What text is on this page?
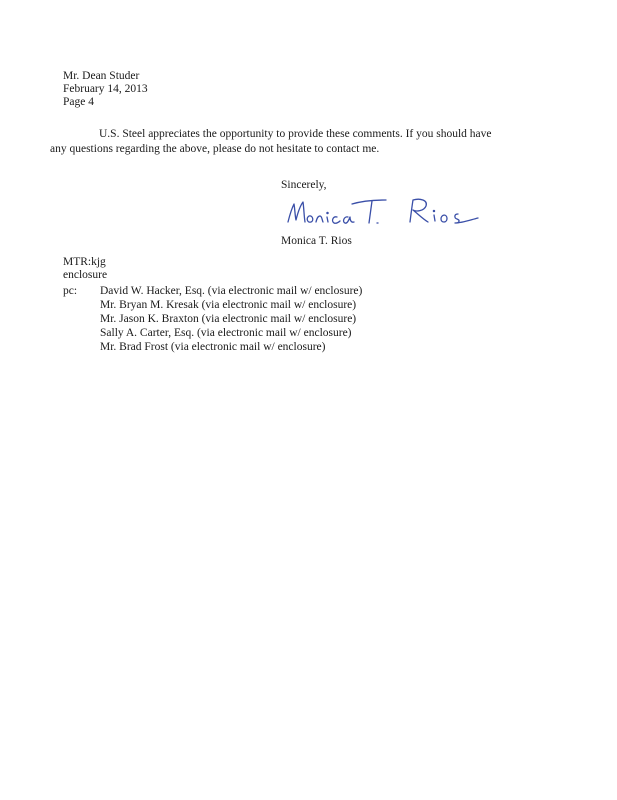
Mr. Dean Studer
February 14, 2013
Page 4
U.S. Steel appreciates the opportunity to provide these comments. If you should have
any questions regarding the above, please do not hesitate to contact me.
Sincerely,
Monica T. Rios
MTR:kjg
enclosure
pc:	David W. Hacker, Esq. (via electronic mail w/ enclosure)
Mr. Bryan M. Kresak (via electronic mail w/ enclosure)
Mr. Jason K. Braxton (via electronic mail w/ enclosure)
Sally A. Carter, Esq. (via electronic mail w/ enclosure)
Mr. Brad Frost (via electronic mail w/ enclosure)
